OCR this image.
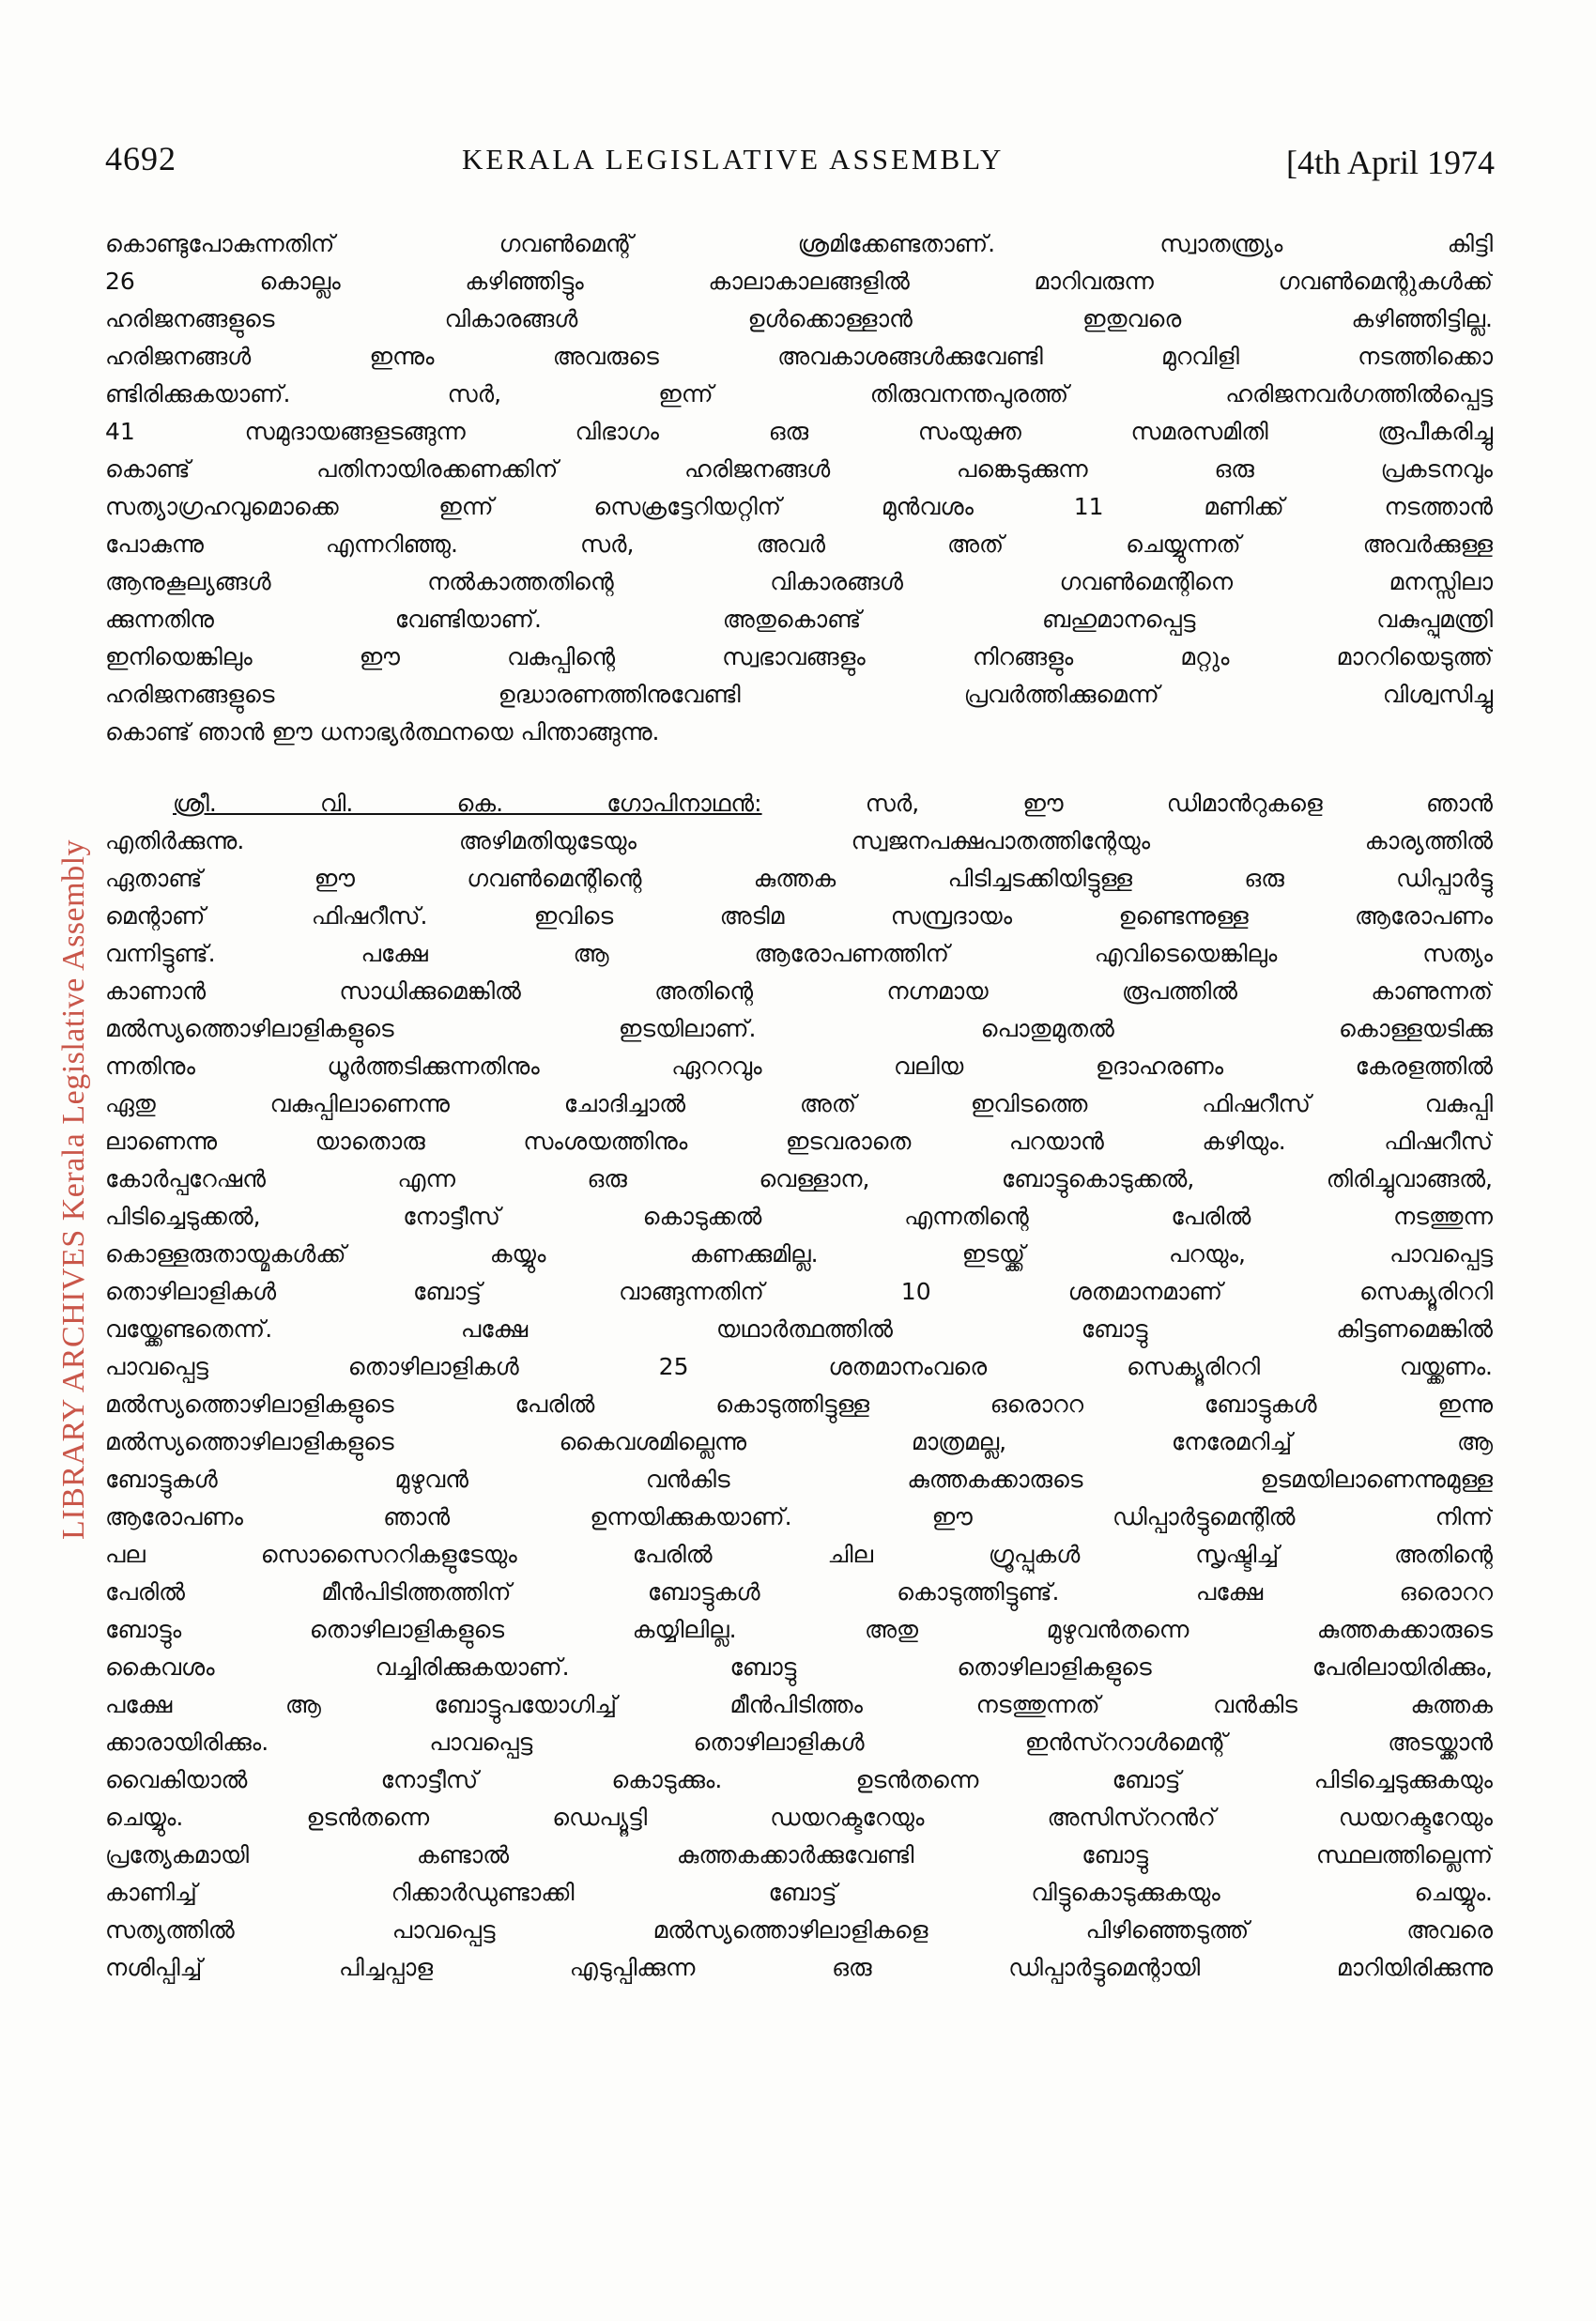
4692	KERALA LEGISLATIVE ASSEMBLY	[4th April 1974
LIBRARY ARCHIVES Kerala Legislative Assembly
കൊണ്ടുപോകുന്നതിന് ഗവൺമെന്റ് ശ്രമിക്കേണ്ടതാണ്. സ്വാതന്ത്ര്യം കിട്ടി
26 കൊല്ലം കഴിഞ്ഞിട്ടും കാലാകാലങ്ങളിൽ മാറിവരുന്ന ഗവൺമെന്റുകൾക്ക്
ഹരിജനങ്ങളുടെ വികാരങ്ങൾ ഉൾക്കൊള്ളാൻ ഇതുവരെ കഴിഞ്ഞിട്ടില്ല.
ഹരിജനങ്ങൾ ഇന്നും അവരുടെ അവകാശങ്ങൾക്കുവേണ്ടി മുറവിളി നടത്തിക്കൊ
ണ്ടിരിക്കുകയാണ്. സർ, ഇന്ന് തിരുവനന്തപുരത്ത് ഹരിജനവർഗത്തിൽപ്പെട്ട
41 സമുദായങ്ങളടങ്ങുന്ന വിഭാഗം ഒരു സംയുക്ത സമരസമിതി രൂപീകരിച്ചു
കൊണ്ട് പതിനായിരക്കണക്കിന് ഹരിജനങ്ങൾ പങ്കെടുക്കുന്ന ഒരു പ്രകടനവും
സത്യാഗ്രഹവുമൊക്കെ ഇന്ന് സെക്രട്ടേറിയറ്റിന് മുൻവശം 11 മണിക്ക് നടത്താൻ
പോകുന്നു എന്നറിഞ്ഞു. സർ, അവർ അത് ചെയ്യുന്നത് അവർക്കുള്ള
ആനുകൂല്യങ്ങൾ നൽകാത്തതിന്റെ വികാരങ്ങൾ ഗവൺമെന്റിനെ മനസ്സിലാ
ക്കുന്നതിനു വേണ്ടിയാണ്. അതുകൊണ്ട് ബഹുമാനപ്പെട്ട വകുപ്പുമന്ത്രി
ഇനിയെങ്കിലും ഈ വകുപ്പിന്റെ സ്വഭാവങ്ങളും നിറങ്ങളും മറ്റും മാററിയെടുത്ത്
ഹരിജനങ്ങളുടെ ഉദ്ധാരണത്തിനുവേണ്ടി പ്രവർത്തിക്കുമെന്ന് വിശ്വസിച്ചു
കൊണ്ട് ഞാൻ ഈ ധനാഭ്യർത്ഥനയെ പിന്താങ്ങുന്നു.
ശ്രീ. വി. കെ. ഗോപിനാഥൻ:	സർ, ഈ ഡിമാൻറുകളെ ഞാൻ
എതിർക്കുന്നു. അഴിമതിയുടേയും സ്വജനപക്ഷപാതത്തിന്റേയും കാര്യത്തിൽ
ഏതാണ്ട് ഈ ഗവൺമെന്റിന്റെ കുത്തക പിടിച്ചടക്കിയിട്ടുള്ള ഒരു ഡിപ്പാർട്ടു
മെന്റാണ് ഫിഷറീസ്. ഇവിടെ അടിമ സമ്പ്രദായം ഉണ്ടെന്നുള്ള ആരോപണം
വന്നിട്ടുണ്ട്. പക്ഷേ ആ ആരോപണത്തിന് എവിടെയെങ്കിലും സത്യം
കാണാൻ സാധിക്കുമെങ്കിൽ അതിന്റെ നഗ്നമായ രൂപത്തിൽ കാണുന്നത്
മൽസ്യത്തൊഴിലാളികളുടെ ഇടയിലാണ്. പൊതുമുതൽ കൊള്ളയടിക്കു
ന്നതിനും ധൂർത്തടിക്കുന്നതിനും ഏററവും വലിയ ഉദാഹരണം കേരളത്തിൽ
ഏതു വകുപ്പിലാണെന്നു ചോദിച്ചാൽ അത് ഇവിടത്തെ ഫിഷറീസ് വകുപ്പി
ലാണെന്നു യാതൊരു സംശയത്തിനും ഇടവരാതെ പറയാൻ കഴിയും. ഫിഷറീസ്
കോർപ്പറേഷൻ എന്ന ഒരു വെള്ളാന, ബോട്ടുകൊടുക്കൽ, തിരിച്ചുവാങ്ങൽ,
പിടിച്ചെടുക്കൽ, നോട്ടീസ് കൊടുക്കൽ എന്നതിന്റെ പേരിൽ നടത്തുന്ന
കൊള്ളരുതായ്മകൾക്ക് കയ്യും കണക്കുമില്ല. ഇടയ്ക്ക് പറയും, പാവപ്പെട്ട
തൊഴിലാളികൾ ബോട്ട് വാങ്ങുന്നതിന് 10 ശതമാനമാണ് സെക്യൂരിററി
വയ്ക്കേണ്ടതെന്ന്. പക്ഷേ യഥാർത്ഥത്തിൽ ബോട്ടു കിട്ടണമെങ്കിൽ
പാവപ്പെട്ട തൊഴിലാളികൾ 25 ശതമാനംവരെ സെക്യൂരിററി വയ്ക്കണം.
മൽസ്യത്തൊഴിലാളികളുടെ പേരിൽ കൊടുത്തിട്ടുള്ള ഒരൊററ ബോട്ടുകൾ ഇന്നു
മൽസ്യത്തൊഴിലാളികളുടെ കൈവശമില്ലെന്നു മാത്രമല്ല, നേരേമറിച്ച് ആ
ബോട്ടുകൾ മുഴുവൻ വൻകിട കുത്തകക്കാരുടെ ഉടമയിലാണെന്നുമുള്ള
ആരോപണം ഞാൻ ഉന്നയിക്കുകയാണ്. ഈ ഡിപ്പാർട്ടുമെന്റിൽ നിന്ന്
പല സൊസൈററികളുടേയും പേരിൽ ചില ഗ്രൂപ്പുകൾ സൃഷ്ടിച്ച് അതിന്റെ
പേരിൽ മീൻപിടിത്തത്തിന് ബോട്ടുകൾ കൊടുത്തിട്ടുണ്ട്. പക്ഷേ ഒരൊററ
ബോട്ടും തൊഴിലാളികളുടെ കയ്യിലില്ല. അതു മുഴുവൻതന്നെ കുത്തകക്കാരുടെ
കൈവശം വച്ചിരിക്കുകയാണ്. ബോട്ടു തൊഴിലാളികളുടെ പേരിലായിരിക്കും,
പക്ഷേ ആ ബോട്ടുപയോഗിച്ച് മീൻപിടിത്തം നടത്തുന്നത് വൻകിട കുത്തക
ക്കാരായിരിക്കും. പാവപ്പെട്ട തൊഴിലാളികൾ ഇൻസ്ററാൾമെന്റ് അടയ്ക്കാൻ
വൈകിയാൽ നോട്ടീസ് കൊടുക്കും. ഉടൻതന്നെ ബോട്ട് പിടിച്ചെടുക്കുകയും
ചെയ്യും. ഉടൻതന്നെ ഡെപ്യൂട്ടി ഡയറക്ടറേയും അസിസ്ററൻറ് ഡയറക്ടറേയും
പ്രത്യേകമായി കണ്ടാൽ കുത്തകക്കാർക്കുവേണ്ടി ബോട്ടു സ്ഥലത്തില്ലെന്ന്
കാണിച്ച് റിക്കാർഡുണ്ടാക്കി ബോട്ട് വിട്ടുകൊടുക്കുകയും ചെയ്യും.
സത്യത്തിൽ പാവപ്പെട്ട മൽസ്യത്തൊഴിലാളികളെ പിഴിഞ്ഞെടുത്ത് അവരെ
നശിപ്പിച്ച് പിച്ചപ്പാള എടുപ്പിക്കുന്ന ഒരു ഡിപ്പാർട്ടുമെന്റായി മാറിയിരിക്കുന്നു
